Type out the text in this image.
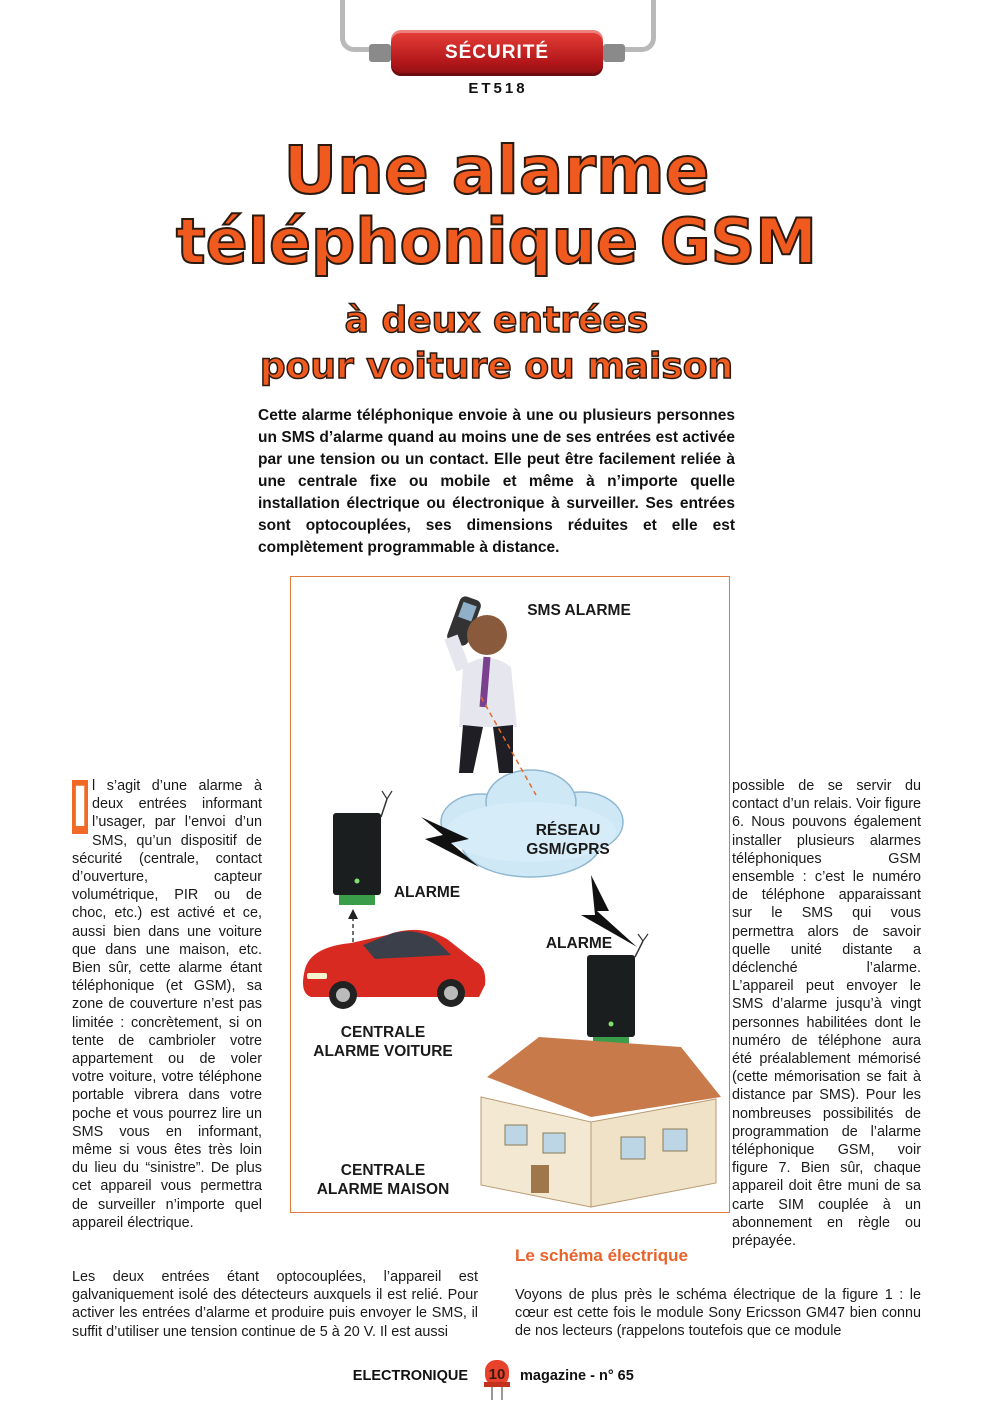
SÉCURITÉ
ET518
Une alarme
téléphonique GSM
à deux entrées
pour voiture ou maison
Cette alarme téléphonique envoie à une ou plusieurs personnes un SMS d’alarme quand au moins une de ses entrées est activée par une tension ou un contact. Elle peut être facilement reliée à une centrale fixe ou mobile et même à n’importe quelle installation électrique ou électronique à surveiller. Ses entrées sont optocouplées, ses dimensions réduites et elle est complètement programmable à distance.
SMS ALARME
RÉSEAU
GSM/GPRS
ALARME
ALARME
CENTRALE
ALARME VOITURE
CENTRALE
ALARME MAISON
I l s’agit d’une alarme à deux entrées informant l’usager, par l’envoi d’un SMS, qu’un dispositif de sécurité (centrale, contact d’ouverture, capteur volumétrique, PIR ou de choc, etc.) est activé et ce, aussi bien dans une voiture que dans une maison, etc. Bien sûr, cette alarme étant téléphonique (et GSM), sa zone de couverture n’est pas limitée : concrètement, si on tente de cambrioler votre appartement ou de voler votre voiture, votre téléphone portable vibrera dans votre poche et vous pourrez lire un SMS vous en informant, même si vous êtes très loin du lieu du “sinistre”. De plus cet appareil vous permettra de surveiller n’importe quel appareil électrique.
possible de se servir du contact d’un relais. Voir figure 6. Nous pouvons également installer plusieurs alarmes téléphoniques GSM ensemble : c’est le numéro de téléphone apparaissant sur le SMS qui vous permettra alors de savoir quelle unité distante a déclenché l’alarme. L’appareil peut envoyer le SMS d’alarme jusqu’à vingt personnes habilitées dont le numéro de téléphone aura été préalablement mémorisé (cette mémorisation se fait à distance par SMS). Pour les nombreuses possibilités de programmation de l’alarme téléphonique GSM, voir figure 7. Bien sûr, chaque appareil doit être muni de sa carte SIM couplée à un abonnement en règle ou prépayée.
Les deux entrées étant optocouplées, l’appareil est galvaniquement isolé des détecteurs auxquels il est relié. Pour activer les entrées d’alarme et produire puis envoyer le SMS, il suffit d’utiliser une tension continue de 5 à 20 V. Il est aussi
Le schéma électrique
Voyons de plus près le schéma électrique de la figure 1 : le cœur est cette fois le module Sony Ericsson GM47 bien connu de nos lecteurs (rappelons toutefois que ce module
ELECTRONIQUE 10 magazine - n° 65
